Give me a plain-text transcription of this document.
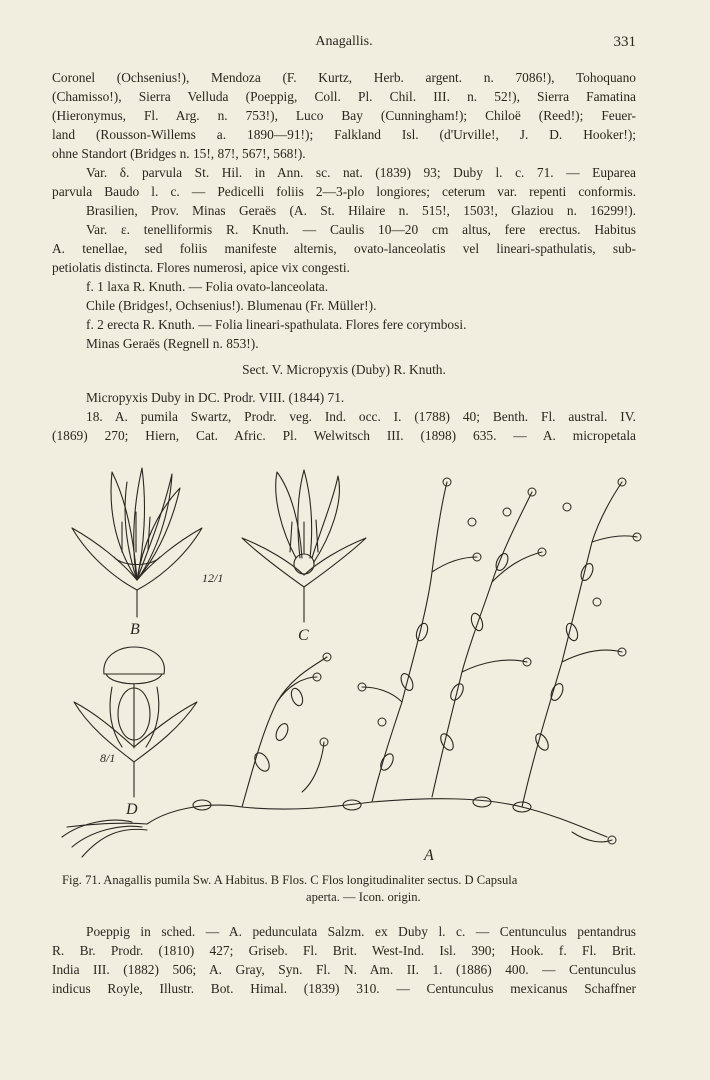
Anagallis.	331
Coronel (Ochsenius!), Mendoza (F. Kurtz, Herb. argent. n. 7086!), Tohoquano
(Chamisso!), Sierra Velluda (Poeppig, Coll. Pl. Chil. III. n. 52!), Sierra Famatina
(Hieronymus, Fl. Arg. n. 753!), Luco Bay (Cunningham!); Chiloë (Reed!); Feuer-
land (Rousson-Willems a. 1890—91!); Falkland Isl. (d'Urville!, J. D. Hooker!);
ohne Standort (Bridges n. 15!, 87!, 567!, 568!).
Var. δ. parvula St. Hil. in Ann. sc. nat. (1839) 93; Duby l. c. 71. — Euparea
parvula Baudo l. c. — Pedicelli foliis 2—3-plo longiores; ceterum var. repenti conformis.
Brasilien, Prov. Minas Geraës (A. St. Hilaire n. 515!, 1503!, Glaziou n. 16299!).
Var. ε. tenelliformis R. Knuth. — Caulis 10—20 cm altus, fere erectus. Habitus
A. tenellae, sed foliis manifeste alternis, ovato-lanceolatis vel lineari-spathulatis, sub-
petiolatis distincta. Flores numerosi, apice vix congesti.
f. 1 laxa R. Knuth. — Folia ovato-lanceolata.
Chile (Bridges!, Ochsenius!). Blumenau (Fr. Müller!).
f. 2 erecta R. Knuth. — Folia lineari-spathulata. Flores fere corymbosi.
Minas Geraës (Regnell n. 853!).
Sect. V. Micropyxis (Duby) R. Knuth.
Micropyxis Duby in DC. Prodr. VIII. (1844) 71.
18. A. pumila Swartz, Prodr. veg. Ind. occ. I. (1788) 40; Benth. Fl. austral. IV.
(1869) 270; Hiern, Cat. Afric. Pl. Welwitsch III. (1898) 635. — A. micropetala
B	C
D
A
12/1
8/1
Fig. 71. Anagallis pumila Sw. A Habitus. B Flos. C Flos longitudinaliter sectus. D Capsula
aperta. — Icon. origin.
Poeppig in sched. — A. pedunculata Salzm. ex Duby l. c. — Centunculus pentandrus
R. Br. Prodr. (1810) 427; Griseb. Fl. Brit. West-Ind. Isl. 390; Hook. f. Fl. Brit.
India III. (1882) 506; A. Gray, Syn. Fl. N. Am. II. 1. (1886) 400. — Centunculus
indicus Royle, Illustr. Bot. Himal. (1839) 310. — Centunculus mexicanus Schaffner
